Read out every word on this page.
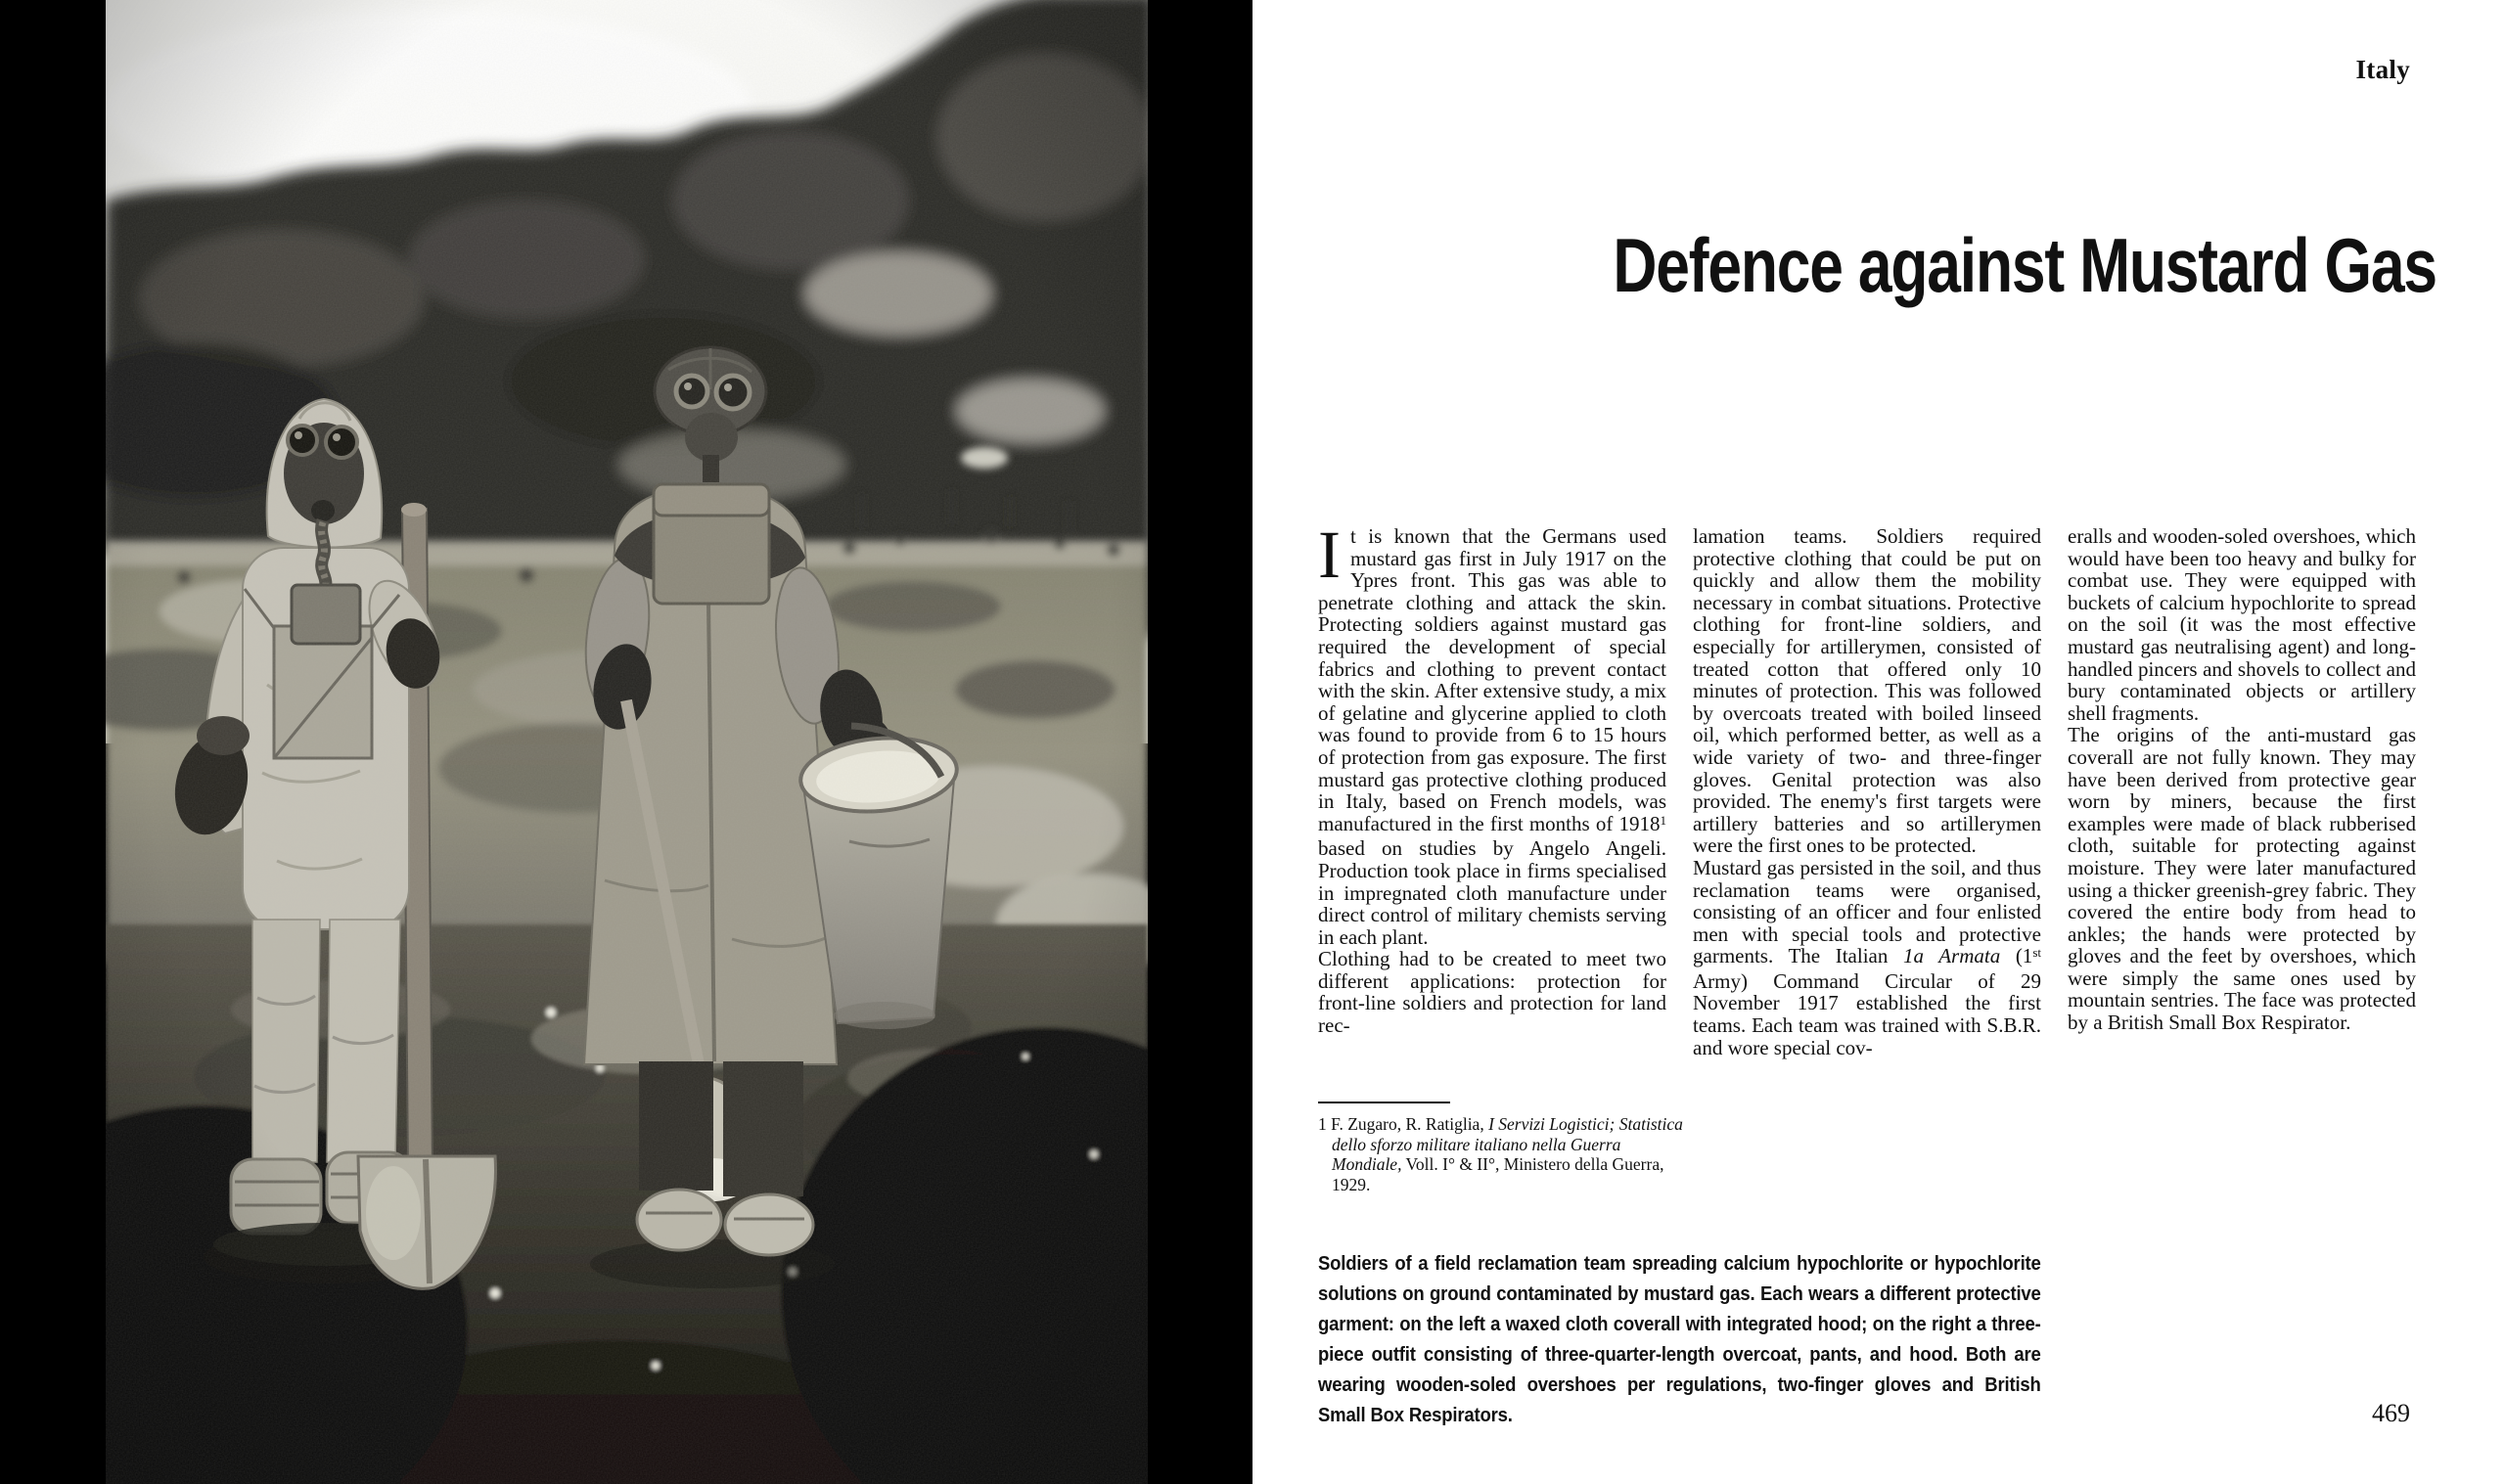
Italy
Defence against Mustard Gas

It is known that the Germans used mustard gas first in July 1917 on the Ypres front. This gas was able to penetrate clothing and attack the skin. Protecting soldiers against mustard gas required the development of special fabrics and clothing to prevent contact with the skin. After extensive study, a mix of gelatine and glycerine applied to cloth was found to provide from 6 to 15 hours of protection from gas exposure. The first mustard gas protective clothing produced in Italy, based on French models, was manufactured in the first months of 1918$^1$ based on studies by Angelo Angeli. Production took place in firms specialised in impregnated cloth manufacture under direct control of military chemists serving in each plant.

Clothing had to be created to meet two different applications: protection for front-line soldiers and protection for land rec-

lamation teams. Soldiers required protective clothing that could be put on quickly and allow them the mobility necessary in combat situations. Protective clothing for front-line soldiers, and especially for artillerymen, consisted of treated cotton that offered only 10 minutes of protection. This was followed by overcoats treated with boiled linseed oil, which performed better, as well as a wide variety of two- and three-finger gloves. Genital protection was also provided. The enemy's first targets were artillery batteries and so artillerymen were the first ones to be protected.

Mustard gas persisted in the soil, and thus reclamation teams were organised, consisting of an officer and four enlisted men with special tools and protective garments. The Italian 1a Armata (1st Army) Command Circular of 29 November 1917 established the first teams. Each team was trained with S.B.R. and wore special cov-

eralls and wooden-soled overshoes, which would have been too heavy and bulky for combat use. They were equipped with buckets of calcium hypochlorite to spread on the soil (it was the most effective mustard gas neutralising agent) and long-handled pincers and shovels to collect and bury contaminated objects or artillery shell fragments.

The origins of the anti-mustard gas coverall are not fully known. They may have been derived from protective gear worn by miners, because the first examples were made of black rubberised cloth, suitable for protecting against moisture. They were later manufactured using a thicker greenish-grey fabric. They covered the entire body from head to ankles; the hands were protected by gloves and the feet by overshoes, which were simply the same ones used by mountain sentries. The face was protected by a British Small Box Respirator.

1 F. Zugaro, R. Ratiglia, I Servizi Logistici; Statistica dello sforzo militare italiano nella Guerra Mondiale, Voll. I° & II°, Ministero della Guerra, 1929.

Soldiers of a field reclamation team spreading calcium hypochlorite or hypochlorite solutions on ground contaminated by mustard gas. Each wears a different protective garment: on the left a waxed cloth coverall with integrated hood; on the right a three-piece outfit consisting of three-quarter-length overcoat, pants, and hood. Both are wearing wooden-soled overshoes per regulations, two-finger gloves and British Small Box Respirators.	469
